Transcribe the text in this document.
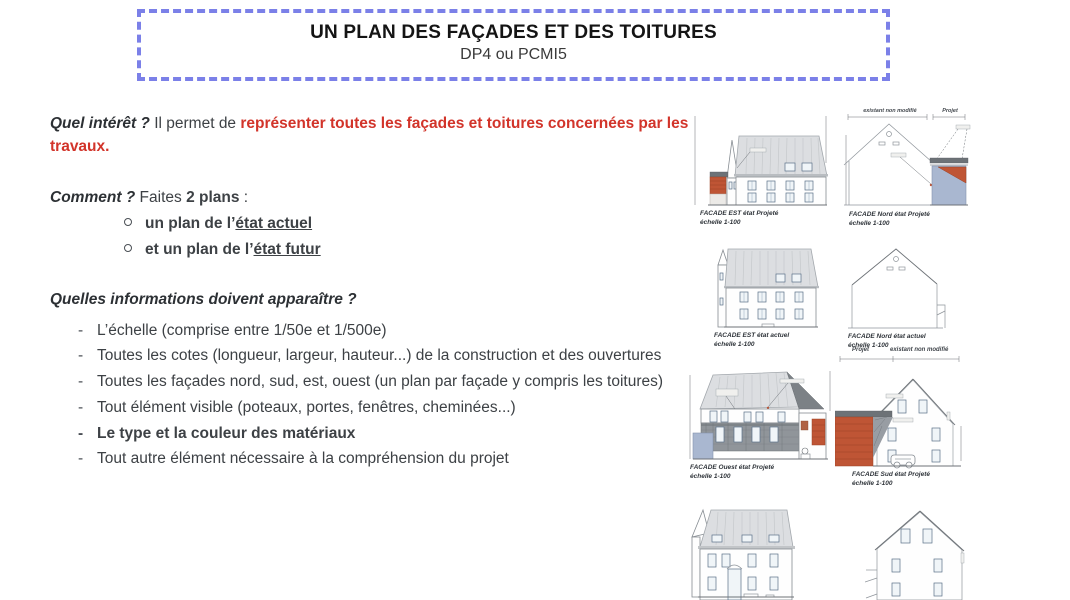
UN PLAN DES FAÇADES ET DES TOITURES
DP4 ou PCMI5

Quel intérêt ? Il permet de représenter toutes les façades et toitures concernées par les travaux.

Comment ? Faites 2 plans :

un plan de l’état actuel
et un plan de l’état futur

Quelles informations doivent apparaître ?

- L’échelle (comprise entre 1/50e et 1/500e)
- Toutes les cotes (longueur, largeur, hauteur...) de la construction et des ouvertures
- Toutes les façades nord, sud, est, ouest (un plan par façade y compris les toitures)
- Tout élément visible (poteaux, portes, fenêtres, cheminées...)
- Le type et la couleur des matériaux
- Tout autre élément nécessaire à la compréhension du projet
FACADE EST état Projeté
échelle 1-100
existant non modifié	Projet
FACADE Nord état Projeté
échelle 1-100
FACADE EST état actuel
échelle 1-100
FACADE Nord état actuel
échelle 1-100
FACADE Ouest état Projeté
échelle 1-100
Projet	existant non modifié
FACADE Sud état Projeté
échelle 1-100
